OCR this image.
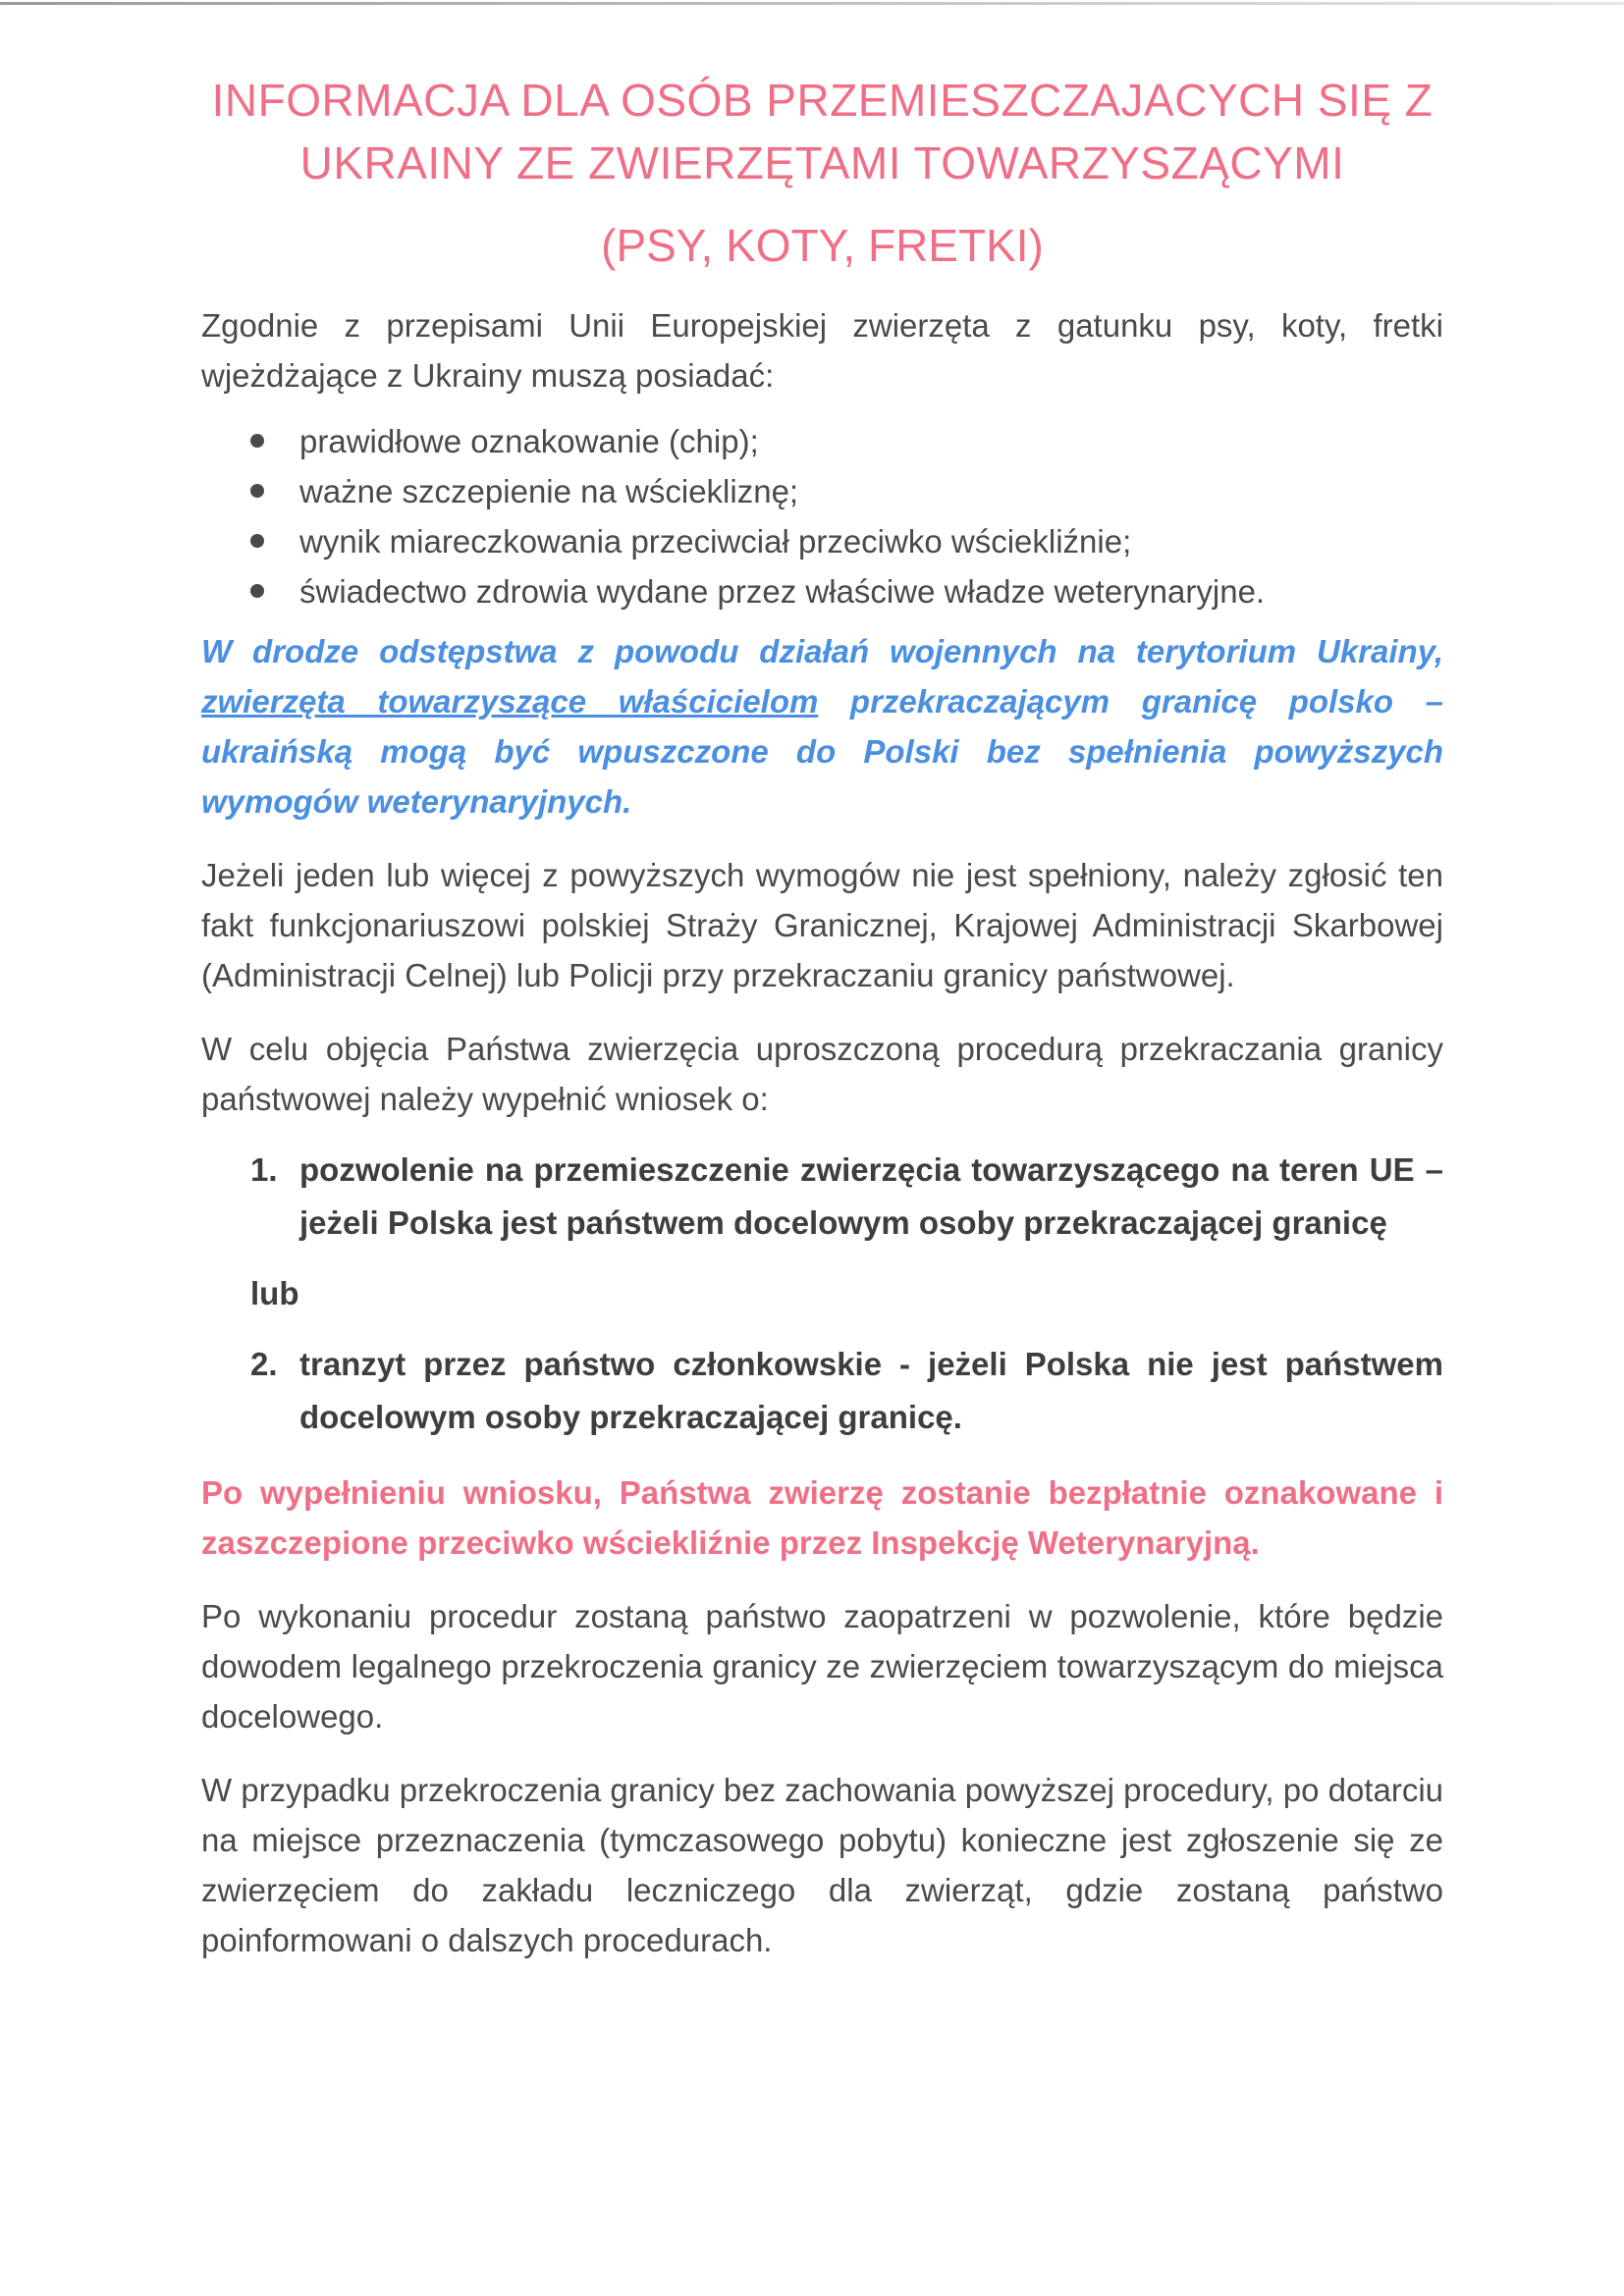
INFORMACJA DLA OSÓB PRZEMIESZCZAJACYCH SIĘ Z
UKRAINY ZE ZWIERZĘTAMI TOWARZYSZĄCYMI
(PSY, KOTY, FRETKI)

Zgodnie z przepisami Unii Europejskiej zwierzęta z gatunku psy, koty, fretki wjeżdżające z Ukrainy muszą posiadać:

prawidłowe oznakowanie (chip);
ważne szczepienie na wściekliznę;
wynik miareczkowania przeciwciał przeciwko wściekliźnie;
świadectwo zdrowia wydane przez właściwe władze weterynaryjne.

W drodze odstępstwa z powodu działań wojennych na terytorium Ukrainy, zwierzęta towarzyszące właścicielom przekraczającym granicę polsko – ukraińską mogą być wpuszczone do Polski bez spełnienia powyższych wymogów weterynaryjnych.

Jeżeli jeden lub więcej z powyższych wymogów nie jest spełniony, należy zgłosić ten fakt funkcjonariuszowi polskiej Straży Granicznej, Krajowej Administracji Skarbowej (Administracji Celnej) lub Policji przy przekraczaniu granicy państwowej.

W celu objęcia Państwa zwierzęcia uproszczoną procedurą przekraczania granicy państwowej należy wypełnić wniosek o:

1. pozwolenie na przemieszczenie zwierzęcia towarzyszącego na teren UE – jeżeli Polska jest państwem docelowym osoby przekraczającej granicę
lub
2. tranzyt przez państwo członkowskie - jeżeli Polska nie jest państwem docelowym osoby przekraczającej granicę.

Po wypełnieniu wniosku, Państwa zwierzę zostanie bezpłatnie oznakowane i zaszczepione przeciwko wściekliźnie przez Inspekcję Weterynaryjną.

Po wykonaniu procedur zostaną państwo zaopatrzeni w pozwolenie, które będzie dowodem legalnego przekroczenia granicy ze zwierzęciem towarzyszącym do miejsca docelowego.

W przypadku przekroczenia granicy bez zachowania powyższej procedury, po dotarciu na miejsce przeznaczenia (tymczasowego pobytu) konieczne jest zgłoszenie się ze zwierzęciem do zakładu leczniczego dla zwierząt, gdzie zostaną państwo poinformowani o dalszych procedurach.
